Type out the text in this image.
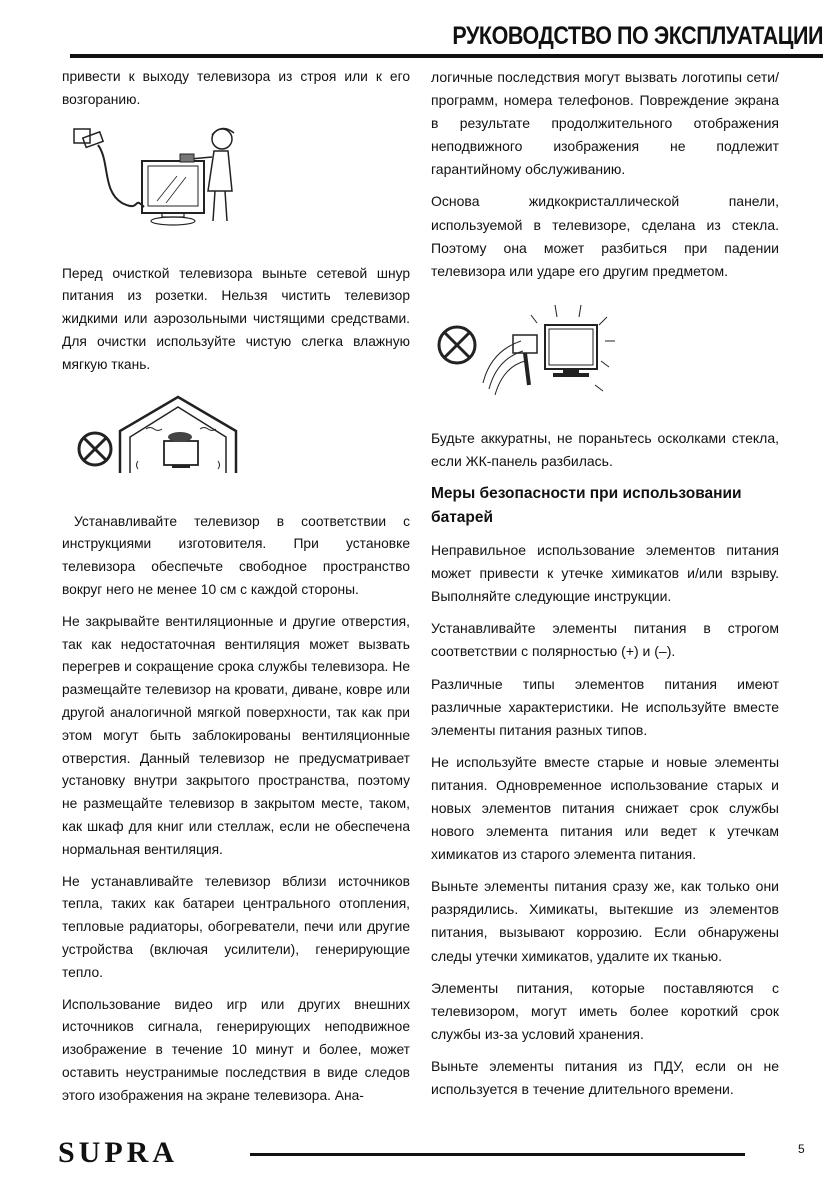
РУКОВОДСТВО ПО ЭКСПЛУАТАЦИИ

привести к выходу телевизора из строя или к его возгоранию.

Перед очисткой телевизора выньте сетевой шнур питания из розетки. Нельзя чистить телевизор жидкими или аэрозольными чистящими средствами. Для очистки используйте чистую слегка влажную мягкую ткань.

Устанавливайте телевизор в соответствии с инструкциями изготовителя. При установке телевизора обеспечьте свободное пространство вокруг него не менее 10 см с каждой стороны.

Не закрывайте вентиляционные и другие отверстия, так как недостаточная вентиляция может вызвать перегрев и сокращение срока службы телевизора. Не размещайте телевизор на кровати, диване, ковре или другой аналогичной мягкой поверхности, так как при этом могут быть заблокированы вентиляционные отверстия. Данный телевизор не предусматривает установку внутри закрытого пространства, поэтому не размещайте телевизор в закрытом месте, таком, как шкаф для книг или стеллаж, если не обеспечена нормальная вентиляция.

Не устанавливайте телевизор вблизи источников тепла, таких как батареи центрального отопления, тепловые радиаторы, обогреватели, печи или другие устройства (включая усилители), генерирующие тепло.

Использование видео игр или других внешних источников сигнала, генерирующих неподвижное изображение в течение 10 минут и более, может оставить неустранимые последствия в виде следов этого изображения на экране телевизора. Ана-

логичные последствия могут вызвать логотипы сети/программ, номера телефонов. Повреждение экрана в результате продолжительного отображения неподвижного изображения не подлежит гарантийному обслуживанию.

Основа жидкокристаллической панели, используемой в телевизоре, сделана из стекла. Поэтому она может разбиться при падении телевизора или ударе его другим предметом.

Будьте аккуратны, не пораньтесь осколками стекла, если ЖК-панель разбилась.

Меры безопасности при использовании батарей

Неправильное использование элементов питания может привести к утечке химикатов и/или взрыву. Выполняйте следующие инструкции.

Устанавливайте элементы питания в строгом соответствии с полярностью (+) и (–).

Различные типы элементов питания имеют различные характеристики. Не используйте вместе элементы питания разных типов.

Не используйте вместе старые и новые элементы питания. Одновременное использование старых и новых элементов питания снижает срок службы нового элемента питания или ведет к утечкам химикатов из старого элемента питания.

Выньте элементы питания сразу же, как только они разрядились. Химикаты, вытекшие из элементов питания, вызывают коррозию. Если обнаружены следы утечки химикатов, удалите их тканью.

Элементы питания, которые поставляются с телевизором, могут иметь более короткий срок службы из-за условий хранения.

Выньте элементы питания из ПДУ, если он не используется в течение длительного времени.

SUPRA	5
